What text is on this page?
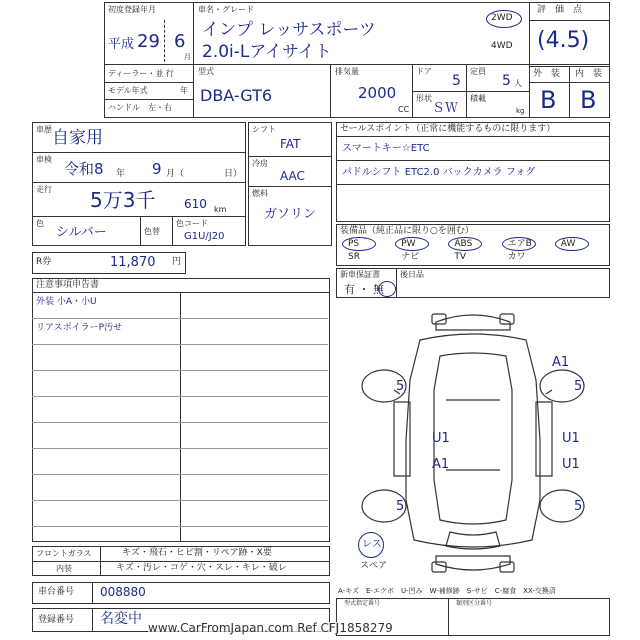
初度登録年月
平成 29 6
月
車名・グレード
インプ レッサスポーツ
2.0i-Lアイサイト
2WD
4WD
評　価　点
(4.5)
外　装 内　装
B B
ディーラー・並 行
モデル年式	年
ハンドル　左・右
型式
DBA-GT6
排気量
2000
CC
ドア
5
形状
ＳＷ
定員
5 人
積載
kg
車歴 自家用
車検
令和8 年 9 月（	日）
走行 5万3千 610 km
色
シルバー	色替
色コード
G1U/J20
シフト
FAT
冷房
AAC
燃料
ガソリン
R券	11,870 円
セールスポイント（正常に機能するものに限ります）
スマートキー☆ETC
パドルシフト ETC2.0 バックカメラ フォグ
装備品（純正品に限り○を囲む）
PS	PW	ABS	エアB	AW
SR	ナビ	TV	カワ
新車保証書	後日品
有 ・ 無
注意事項申告書
外装 小A・小U
リアスポイラーP汚せ
A1
5	5
U1	U1
A1	U1
5	5
レス
スペア
フロントガラス	キズ・飛石・ヒビ割・リペア跡・X要
内装	キズ・汚レ・コゲ・穴・スレ・キレ・破レ
A-キズ　E-エクボ　U-凹み　W-補修跡　S-サビ　C-腐食　XX-交換済
車台番号 008880
登録番号 名変中
型式指定番号	類別区分番号
www.CarFromJapan.com Ref CFJ1858279
